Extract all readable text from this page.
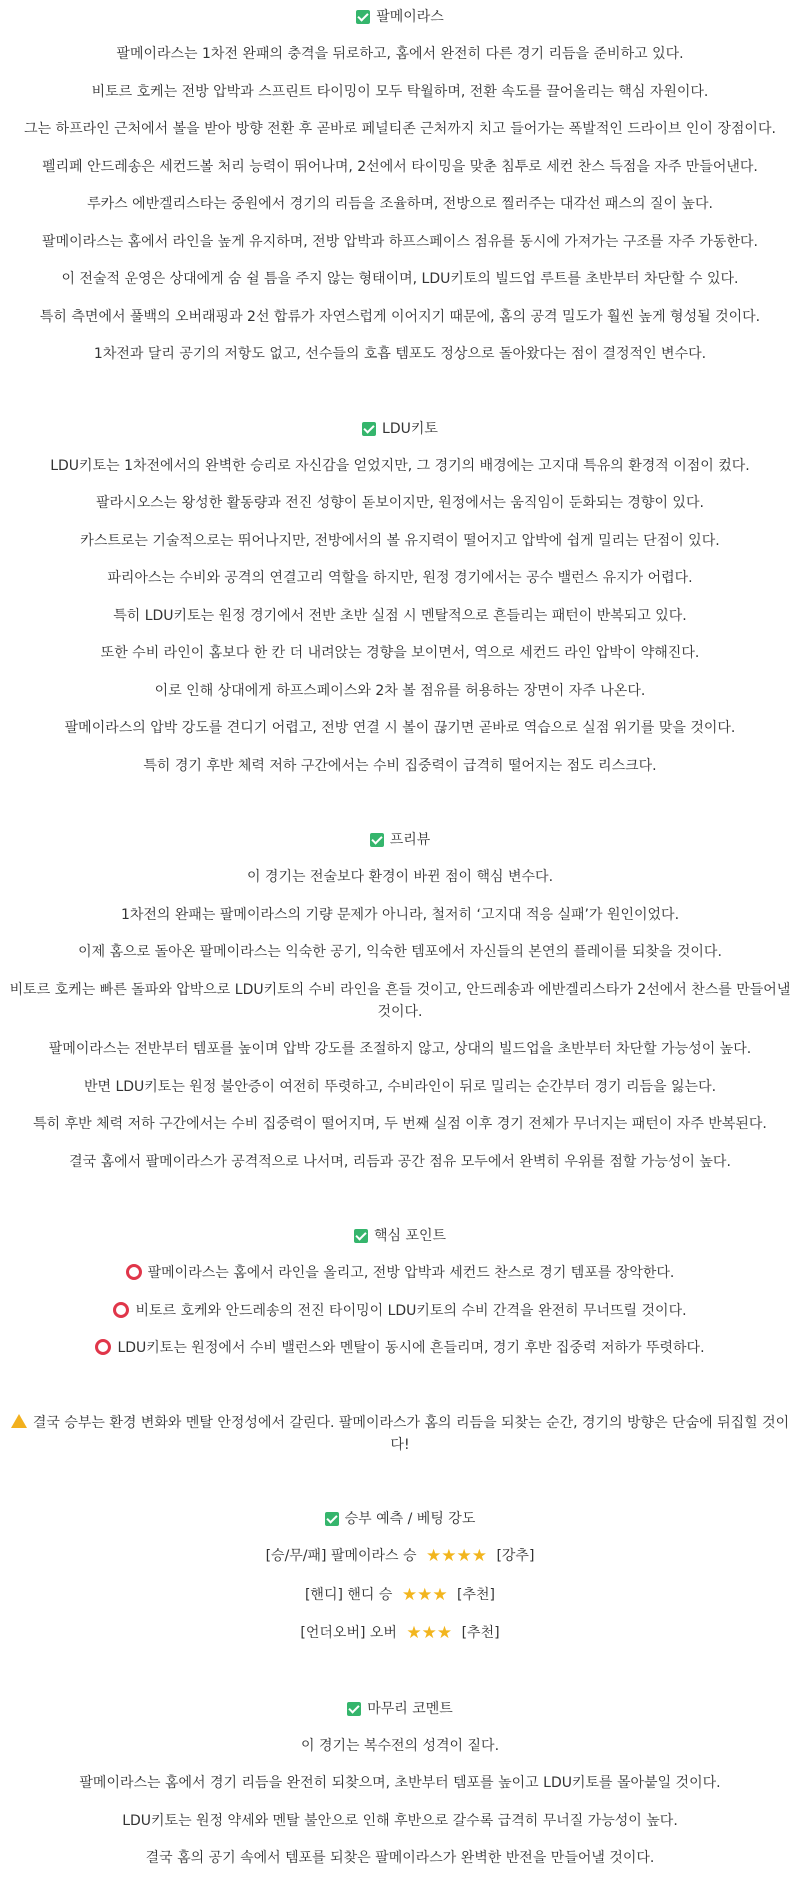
팔메이라스
팔메이라스는 1차전 완패의 충격을 뒤로하고, 홈에서 완전히 다른 경기 리듬을 준비하고 있다.
비토르 호케는 전방 압박과 스프린트 타이밍이 모두 탁월하며, 전환 속도를 끌어올리는 핵심 자원이다.
그는 하프라인 근처에서 볼을 받아 방향 전환 후 곧바로 페널티존 근처까지 치고 들어가는 폭발적인 드라이브 인이 장점이다.
펠리페 안드레송은 세컨드볼 처리 능력이 뛰어나며, 2선에서 타이밍을 맞춘 침투로 세컨 찬스 득점을 자주 만들어낸다.
루카스 에반겔리스타는 중원에서 경기의 리듬을 조율하며, 전방으로 찔러주는 대각선 패스의 질이 높다.
팔메이라스는 홈에서 라인을 높게 유지하며, 전방 압박과 하프스페이스 점유를 동시에 가져가는 구조를 자주 가동한다.
이 전술적 운영은 상대에게 숨 쉴 틈을 주지 않는 형태이며, LDU키토의 빌드업 루트를 초반부터 차단할 수 있다.
특히 측면에서 풀백의 오버래핑과 2선 합류가 자연스럽게 이어지기 때문에, 홈의 공격 밀도가 훨씬 높게 형성될 것이다.
1차전과 달리 공기의 저항도 없고, 선수들의 호흡 템포도 정상으로 돌아왔다는 점이 결정적인 변수다.
LDU키토
LDU키토는 1차전에서의 완벽한 승리로 자신감을 얻었지만, 그 경기의 배경에는 고지대 특유의 환경적 이점이 컸다.
팔라시오스는 왕성한 활동량과 전진 성향이 돋보이지만, 원정에서는 움직임이 둔화되는 경향이 있다.
카스트로는 기술적으로는 뛰어나지만, 전방에서의 볼 유지력이 떨어지고 압박에 쉽게 밀리는 단점이 있다.
파리아스는 수비와 공격의 연결고리 역할을 하지만, 원정 경기에서는 공수 밸런스 유지가 어렵다.
특히 LDU키토는 원정 경기에서 전반 초반 실점 시 멘탈적으로 흔들리는 패턴이 반복되고 있다.
또한 수비 라인이 홈보다 한 칸 더 내려앉는 경향을 보이면서, 역으로 세컨드 라인 압박이 약해진다.
이로 인해 상대에게 하프스페이스와 2차 볼 점유를 허용하는 장면이 자주 나온다.
팔메이라스의 압박 강도를 견디기 어렵고, 전방 연결 시 볼이 끊기면 곧바로 역습으로 실점 위기를 맞을 것이다.
특히 경기 후반 체력 저하 구간에서는 수비 집중력이 급격히 떨어지는 점도 리스크다.
프리뷰
이 경기는 전술보다 환경이 바뀐 점이 핵심 변수다.
1차전의 완패는 팔메이라스의 기량 문제가 아니라, 철저히 ‘고지대 적응 실패’가 원인이었다.
이제 홈으로 돌아온 팔메이라스는 익숙한 공기, 익숙한 템포에서 자신들의 본연의 플레이를 되찾을 것이다.
비토르 호케는 빠른 돌파와 압박으로 LDU키토의 수비 라인을 흔들 것이고, 안드레송과 에반겔리스타가 2선에서 찬스를 만들어낼 것이다.
팔메이라스는 전반부터 템포를 높이며 압박 강도를 조절하지 않고, 상대의 빌드업을 초반부터 차단할 가능성이 높다.
반면 LDU키토는 원정 불안증이 여전히 뚜렷하고, 수비라인이 뒤로 밀리는 순간부터 경기 리듬을 잃는다.
특히 후반 체력 저하 구간에서는 수비 집중력이 떨어지며, 두 번째 실점 이후 경기 전체가 무너지는 패턴이 자주 반복된다.
결국 홈에서 팔메이라스가 공격적으로 나서며, 리듬과 공간 점유 모두에서 완벽히 우위를 점할 가능성이 높다.
핵심 포인트
팔메이라스는 홈에서 라인을 올리고, 전방 압박과 세컨드 찬스로 경기 템포를 장악한다.
비토르 호케와 안드레송의 전진 타이밍이 LDU키토의 수비 간격을 완전히 무너뜨릴 것이다.
LDU키토는 원정에서 수비 밸런스와 멘탈이 동시에 흔들리며, 경기 후반 집중력 저하가 뚜렷하다.
결국 승부는 환경 변화와 멘탈 안정성에서 갈린다. 팔메이라스가 홈의 리듬을 되찾는 순간, 경기의 방향은 단숨에 뒤집힐 것이다!
승부 예측 / 베팅 강도
[승/무/패] 팔메이라스 승 ★★★★ [강추]
[핸디] 핸디 승 ★★★ [추천]
[언더오버] 오버 ★★★ [추천]
마무리 코멘트
이 경기는 복수전의 성격이 짙다.
팔메이라스는 홈에서 경기 리듬을 완전히 되찾으며, 초반부터 템포를 높이고 LDU키토를 몰아붙일 것이다.
LDU키토는 원정 약세와 멘탈 불안으로 인해 후반으로 갈수록 급격히 무너질 가능성이 높다.
결국 홈의 공기 속에서 템포를 되찾은 팔메이라스가 완벽한 반전을 만들어낼 것이다.
